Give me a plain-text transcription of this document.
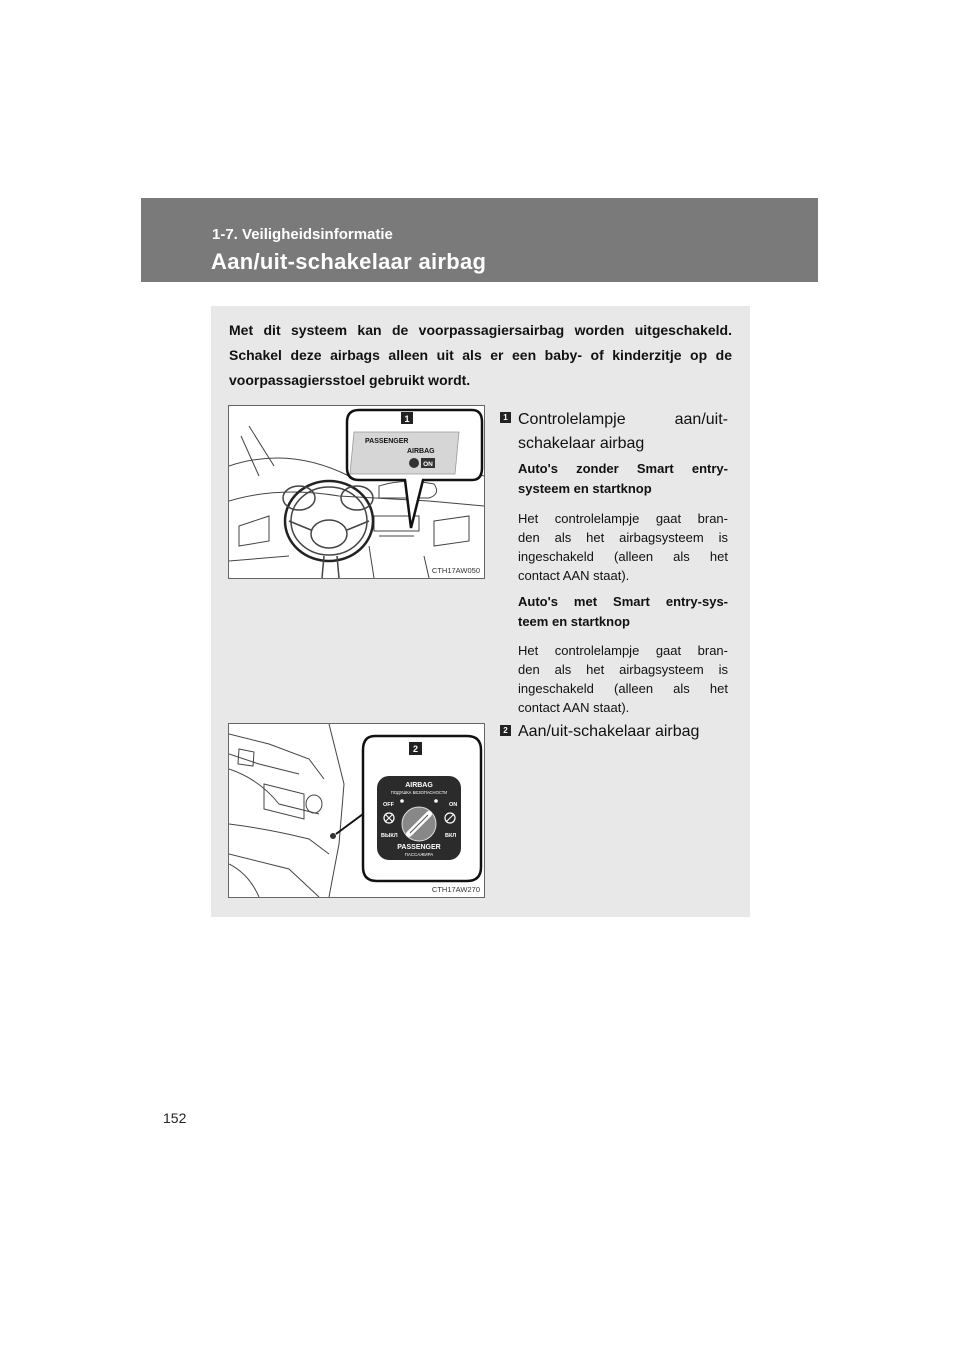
1-7. Veiligheidsinformatie
Aan/uit-schakelaar airbag
Met dit systeem kan de voorpassagiersairbag worden uitgeschakeld. Schakel deze airbags alleen uit als er een baby- of kinderzitje op de voorpassagiersstoel gebruikt wordt.
1
PASSENGER
AIRBAG
ON
CTH17AW050
2
AIRBAG
ПОДУШКА БЕЗОПАСНОСТИ
OFF	ON
ВЫКЛ	ВКЛ
PASSENGER
ПАССАЖИРА
CTH17AW270
1 Controlelampje aan/uit-
schakelaar airbag
Auto's zonder Smart entry-
systeem en startknop
Het controlelampje gaat bran-
den als het airbagsysteem is
ingeschakeld (alleen als het
contact AAN staat).
Auto's met Smart entry-sys-
teem en startknop
Het controlelampje gaat bran-
den als het airbagsysteem is
ingeschakeld (alleen als het
contact AAN staat).
2 Aan/uit-schakelaar airbag
152
